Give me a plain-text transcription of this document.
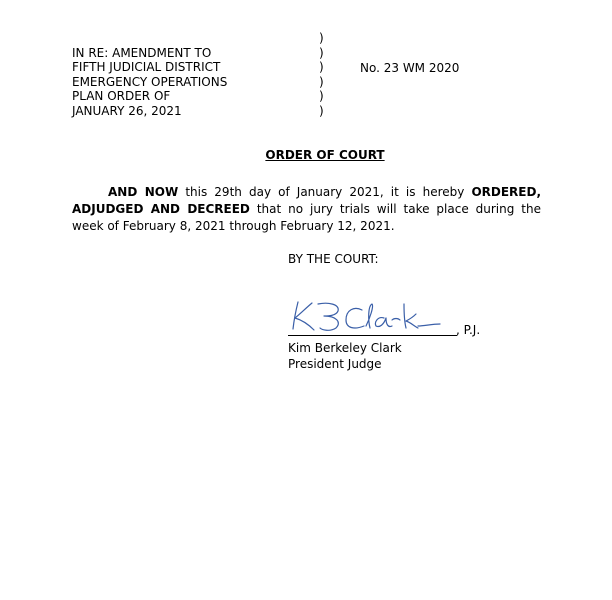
IN RE: AMENDMENT TO
FIFTH JUDICIAL DISTRICT
EMERGENCY OPERATIONS
PLAN ORDER OF
JANUARY 26, 2021
)
)
)
)
)
)
No. 23 WM 2020
ORDER OF COURT
AND NOW this 29th day of January 2021, it is hereby ORDERED, ADJUDGED AND DECREED that no jury trials will take place during the week of February 8, 2021 through February 12, 2021.
BY THE COURT:
, P.J.
Kim Berkeley Clark
President Judge
